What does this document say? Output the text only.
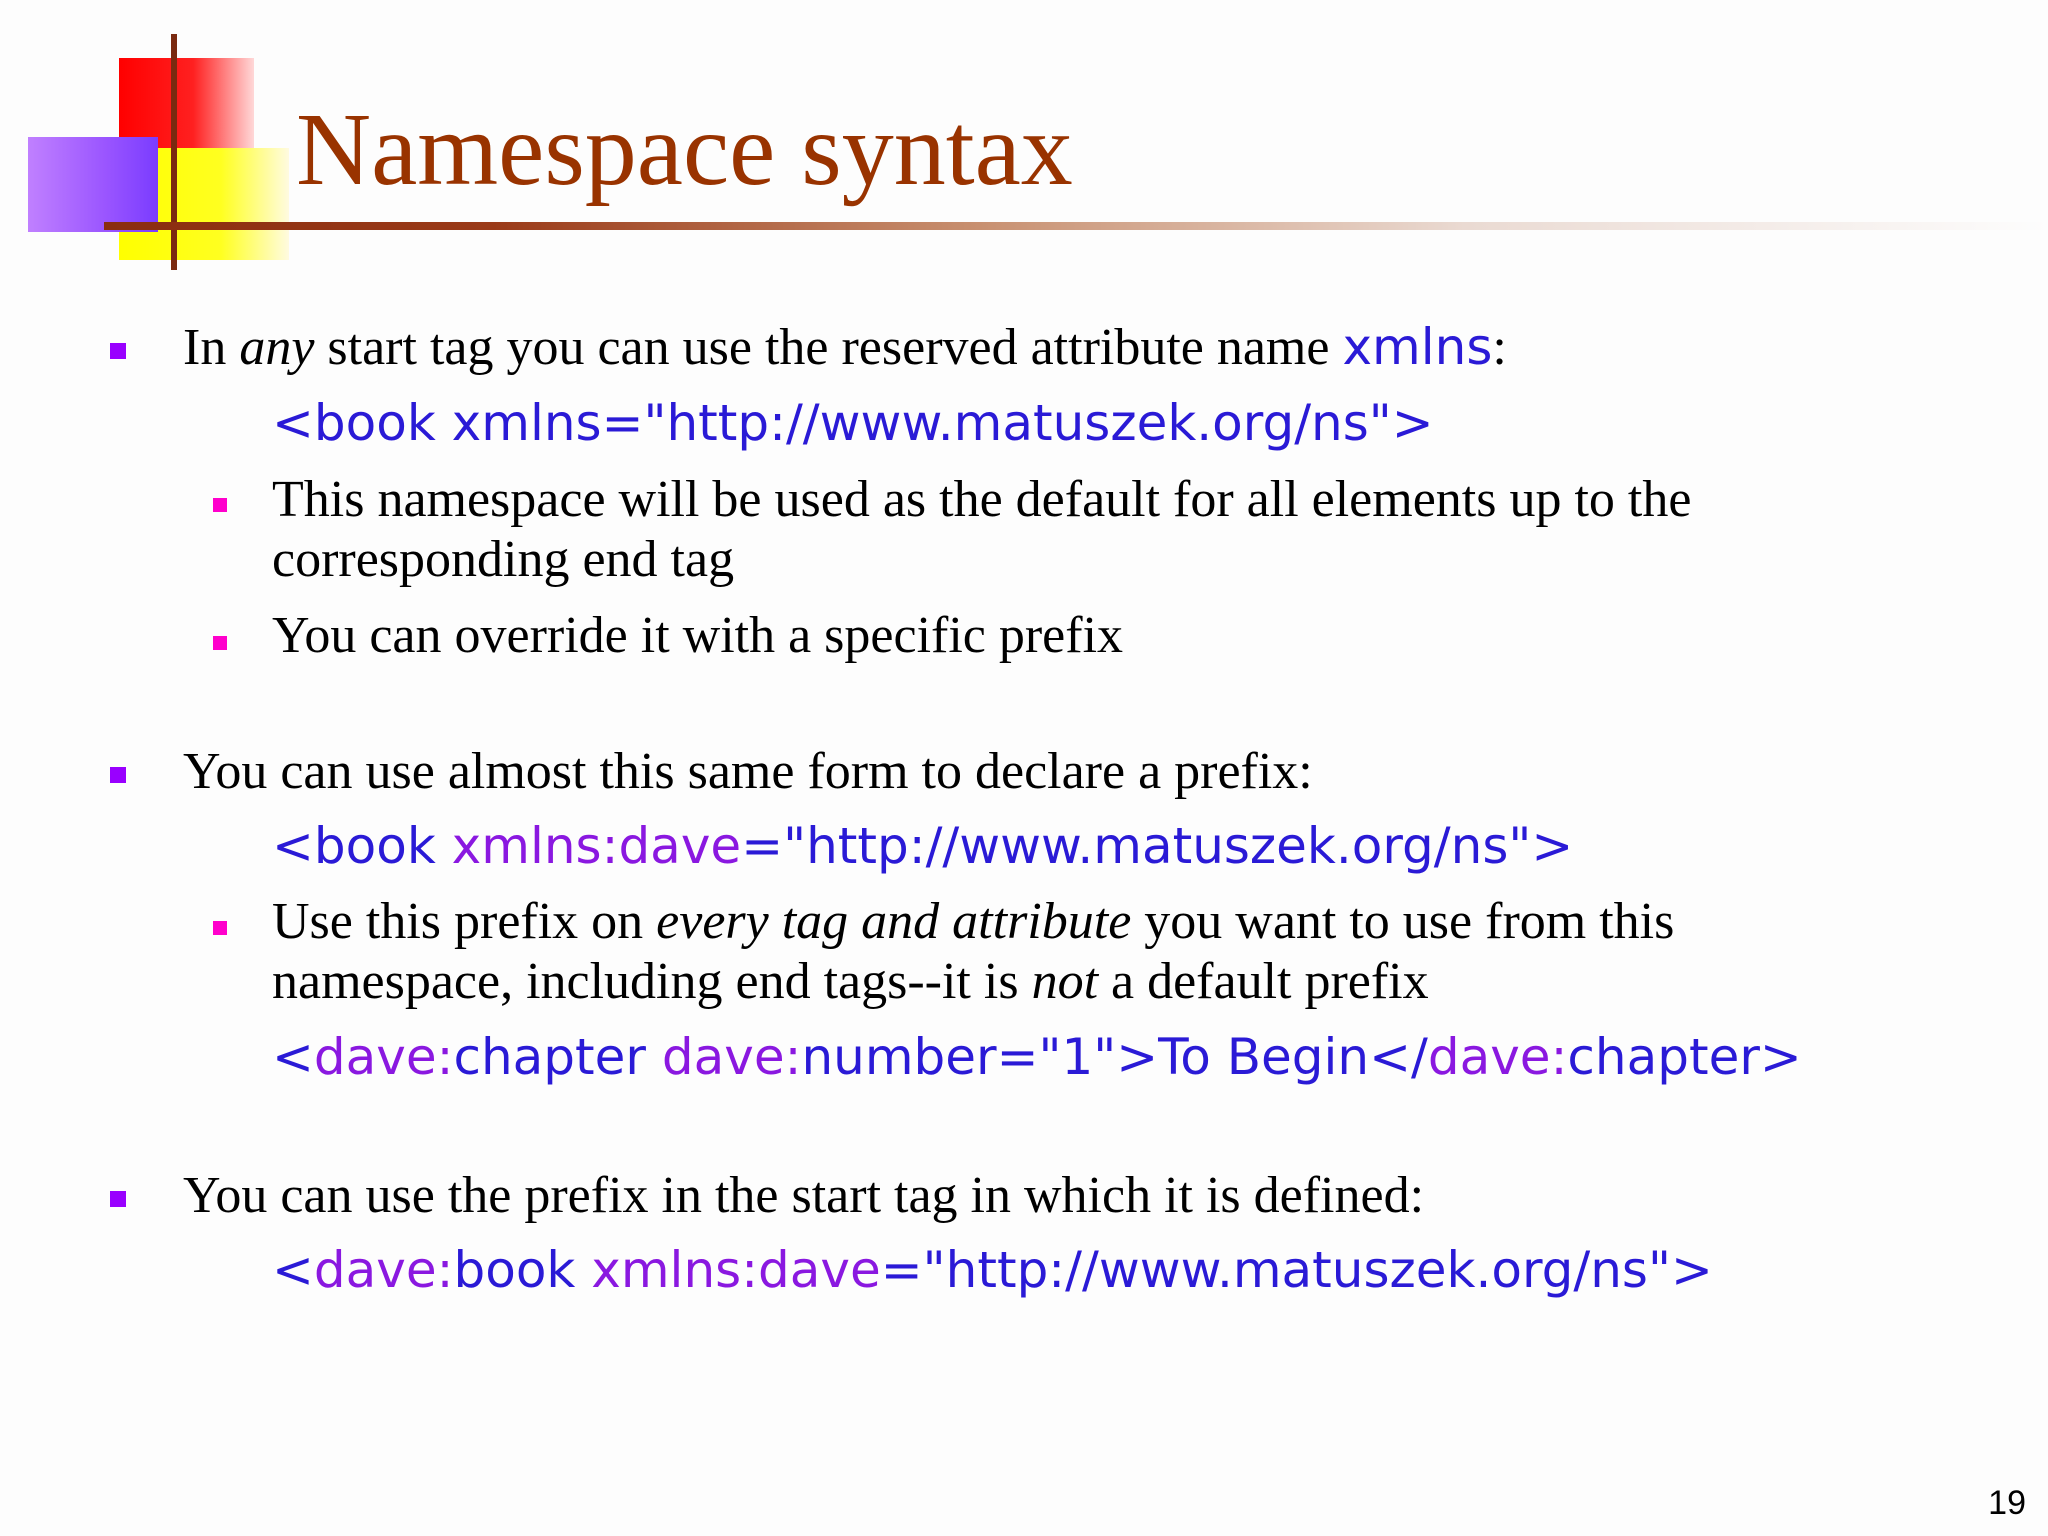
Namespace syntax
In any start tag you can use the reserved attribute name xmlns:
<book xmlns="http://www.matuszek.org/ns">
This namespace will be used as the default for all elements up to the
corresponding end tag
You can override it with a specific prefix
You can use almost this same form to declare a prefix:
<book xmlns:dave="http://www.matuszek.org/ns">
Use this prefix on every tag and attribute you want to use from this
namespace, including end tags--it is not a default prefix
<dave:chapter dave:number="1">To Begin</dave:chapter>
You can use the prefix in the start tag in which it is defined:
<dave:book xmlns:dave="http://www.matuszek.org/ns">
19
